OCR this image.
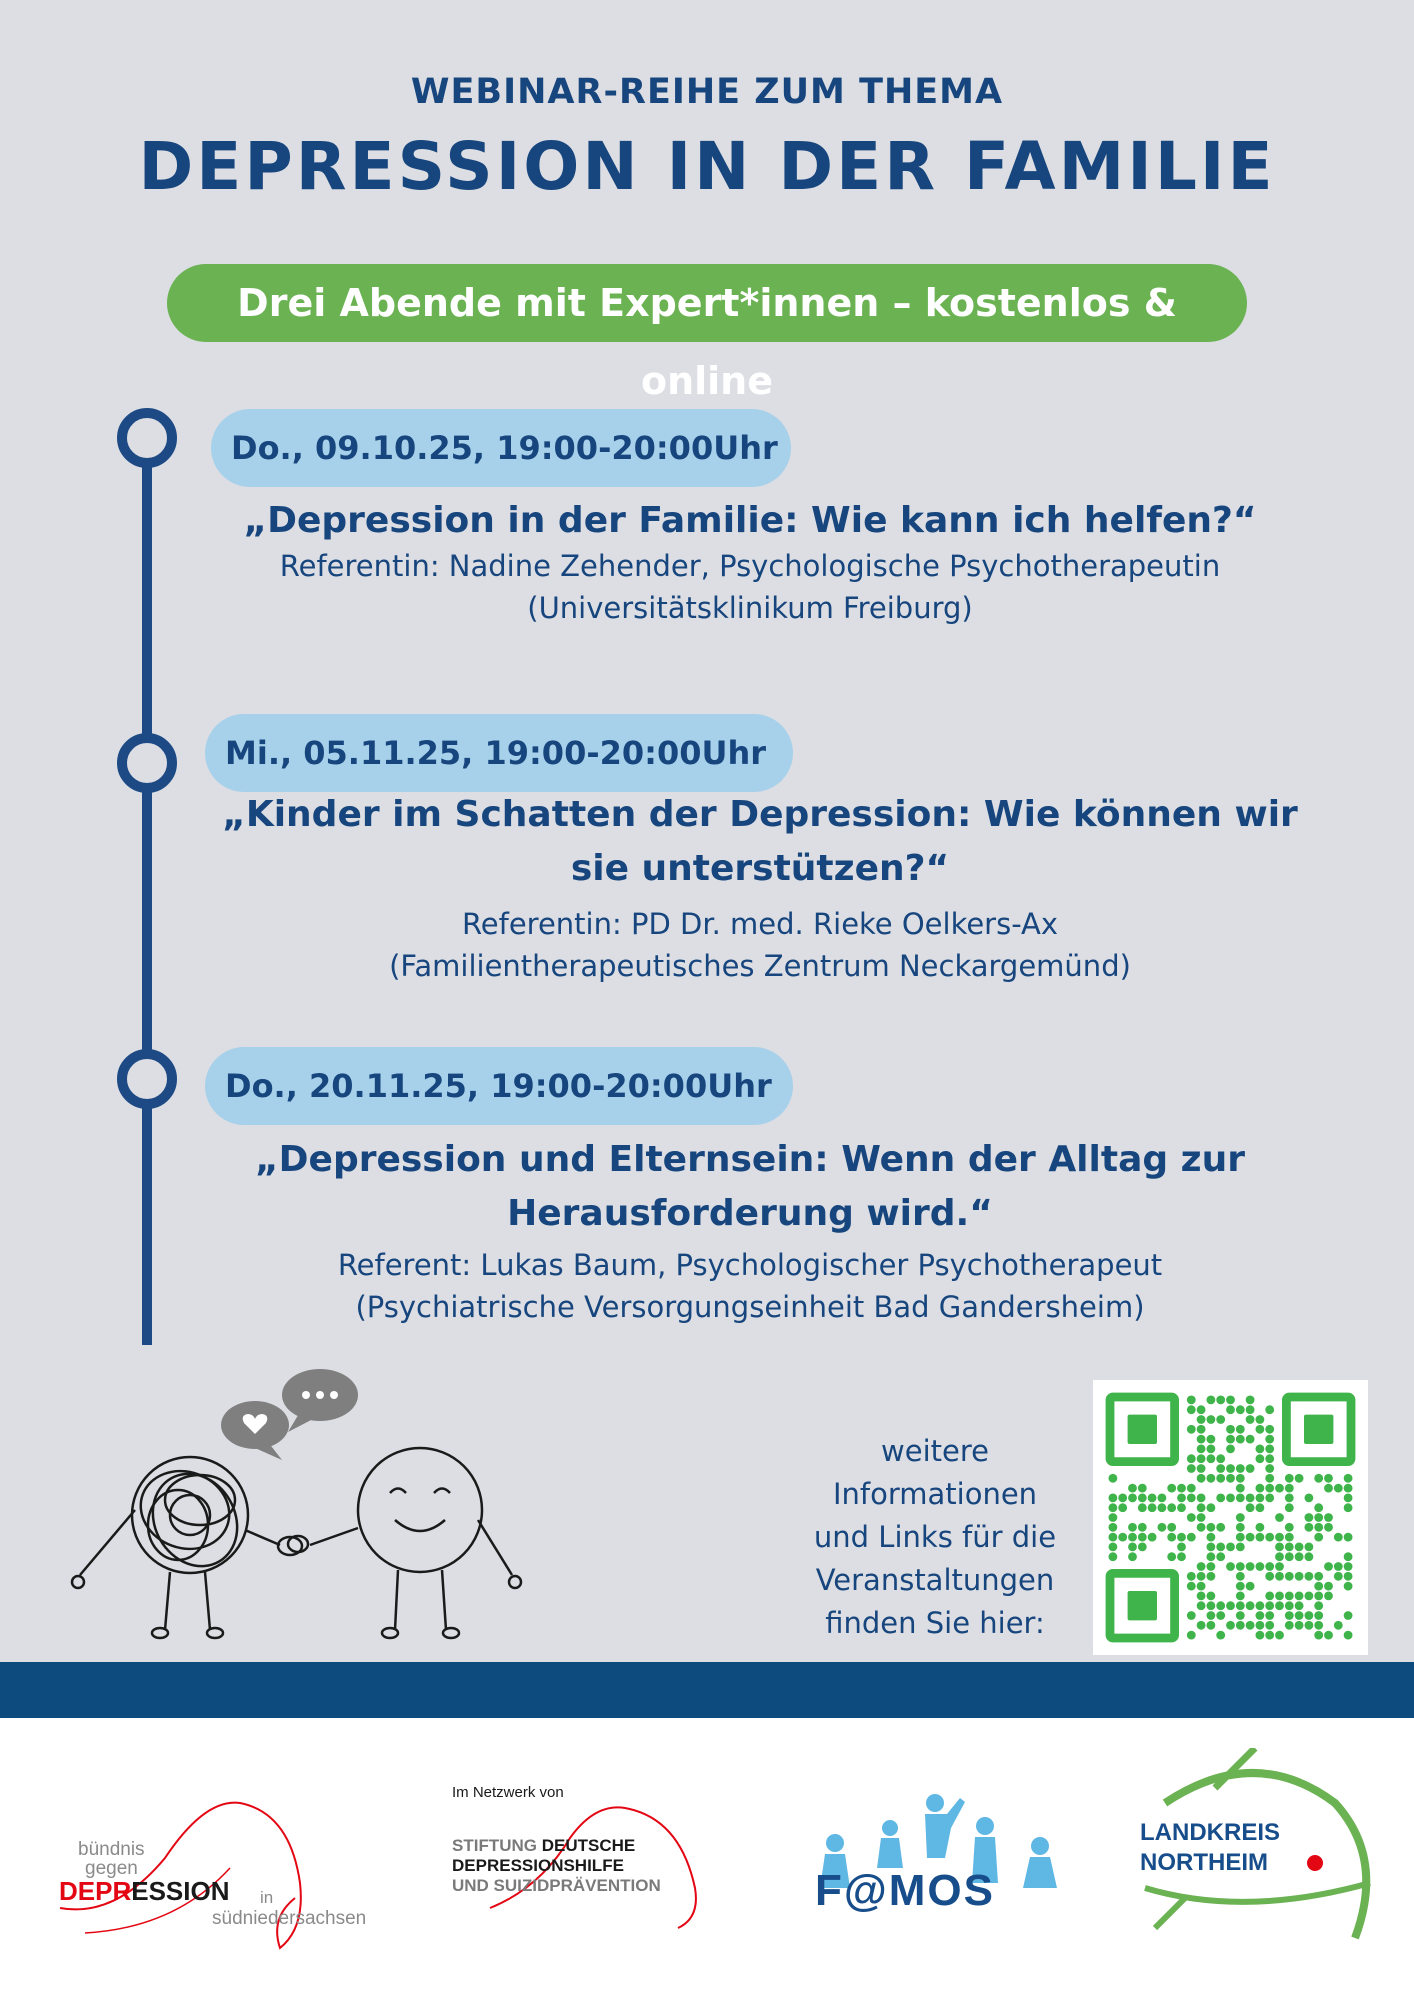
WEBINAR-REIHE ZUM THEMA
DEPRESSION IN DER FAMILIE
Drei Abende mit Expert*innen – kostenlos & online
Do., 09.10.25, 19:00-20:00Uhr
„Depression in der Familie: Wie kann ich helfen?“
Referentin: Nadine Zehender, Psychologische Psychotherapeutin
(Universitätsklinikum Freiburg)
Mi., 05.11.25, 19:00-20:00Uhr
„Kinder im Schatten der Depression: Wie können wir
sie unterstützen?“
Referentin: PD Dr. med. Rieke Oelkers-Ax
(Familientherapeutisches Zentrum Neckargemünd)
Do., 20.11.25, 19:00-20:00Uhr
„Depression und Elternsein: Wenn der Alltag zur
Herausforderung wird.“
Referent: Lukas Baum, Psychologischer Psychotherapeut
(Psychiatrische Versorgungseinheit Bad Gandersheim)
weitere
Informationen
und Links für die
Veranstaltungen
finden Sie hier:
bündnis
gegen
DEPRESSION in
südniedersachsen
Im Netzwerk von
STIFTUNG DEUTSCHE
DEPRESSIONSHILFE
UND SUIZIDPRÄVENTION	F@MOS
LANDKREIS
NORTHEIM
